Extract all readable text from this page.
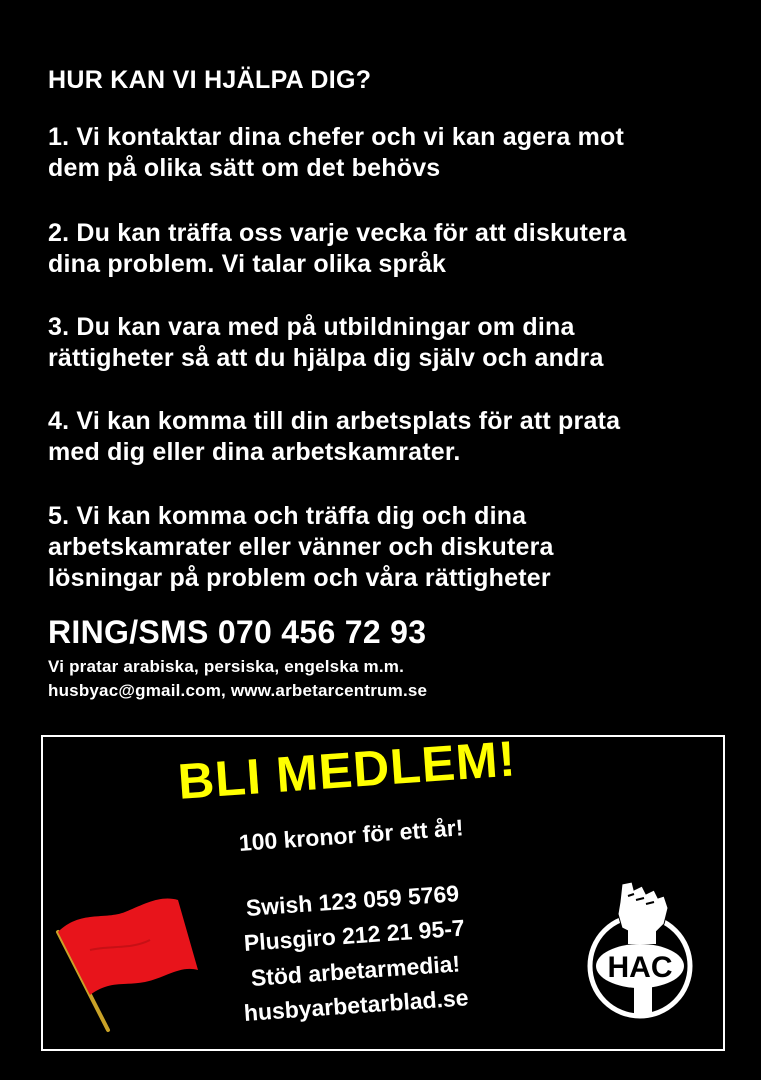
HUR KAN VI HJÄLPA DIG?
1. Vi kontaktar dina chefer och vi kan agera mot
dem på olika sätt om det behövs
2. Du kan träffa oss varje vecka för att diskutera
dina problem. Vi talar olika språk
3. Du kan vara med på utbildningar om dina
rättigheter så att du hjälpa dig själv och andra
4. Vi kan komma till din arbetsplats för att prata
med dig eller dina arbetskamrater.
5. Vi kan komma och träffa dig och dina
arbetskamrater eller vänner och diskutera
lösningar på problem och våra rättigheter
RING/SMS 070 456 72 93
Vi pratar arabiska, persiska, engelska m.m.
husbyac@gmail.com, www.arbetarcentrum.se
BLI MEDLEM!
100 kronor för ett år!
Swish 123 059 5769
Plusgiro 212 21 95-7
Stöd arbetarmedia!
husbyarbetarblad.se
HAC
